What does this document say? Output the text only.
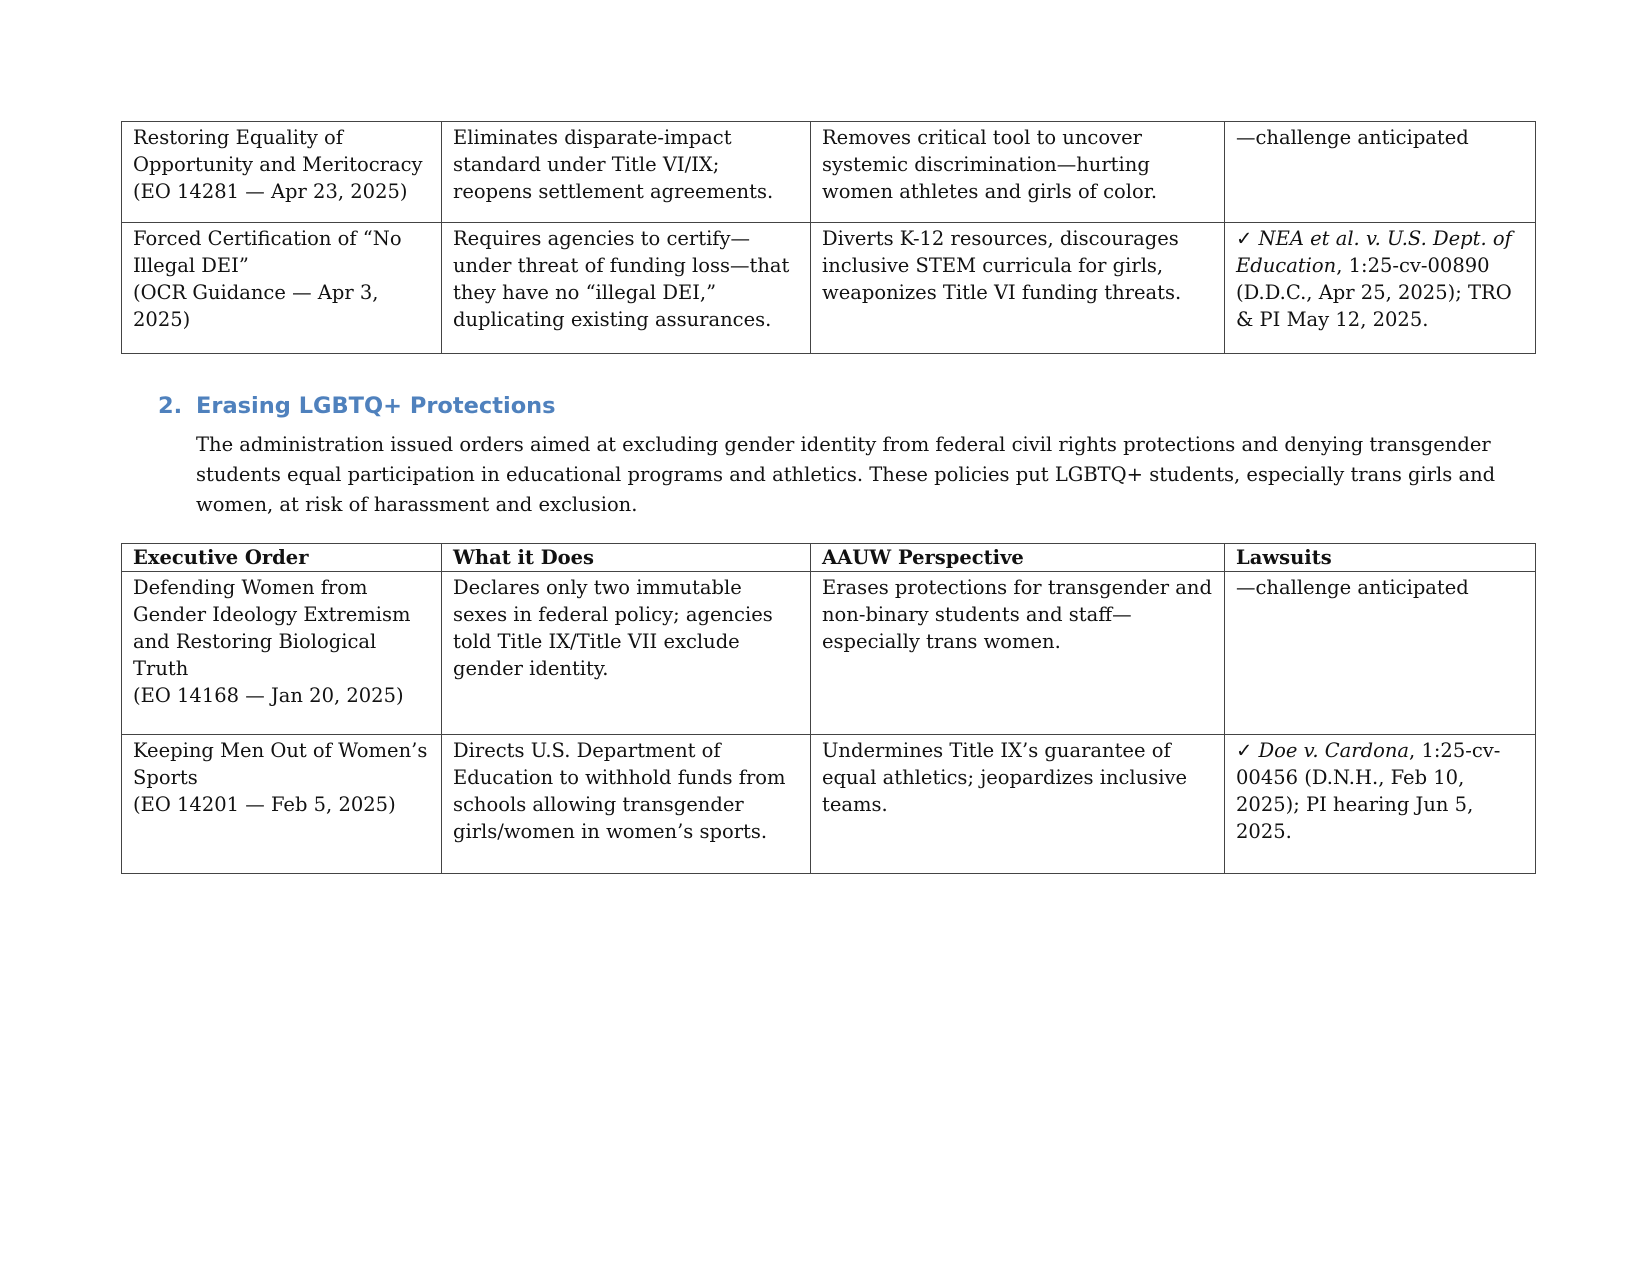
Restoring Equality of Opportunity and Meritocracy
(EO 14281 — Apr 23, 2025)	Eliminates disparate-impact standard under Title VI/IX; reopens settlement agreements.	Removes critical tool to uncover systemic discrimination—hurting women athletes and girls of color.	—challenge anticipated
Forced Certification of “No Illegal DEI”
(OCR Guidance — Apr 3, 2025)	Requires agencies to certify—under threat of funding loss—that they have no “illegal DEI,” duplicating existing assurances.	Diverts K-12 resources, discourages inclusive STEM curricula for girls, weaponizes Title VI funding threats.	✓ NEA et al. v. U.S. Dept. of Education, 1:25-cv-00890 (D.D.C., Apr 25, 2025); TRO & PI May 12, 2025.
2. Erasing LGBTQ+ Protections

The administration issued orders aimed at excluding gender identity from federal civil rights protections and denying transgender students equal participation in educational programs and athletics. These policies put LGBTQ+ students, especially trans girls and women, at risk of harassment and exclusion.

Executive Order	What it Does	AAUW Perspective	Lawsuits
Defending Women from Gender Ideology Extremism and Restoring Biological Truth
(EO 14168 — Jan 20, 2025)	Declares only two immutable sexes in federal policy; agencies told Title IX/Title VII exclude gender identity.	Erases protections for transgender and non-binary students and staff—especially trans women.	—challenge anticipated
Keeping Men Out of Women’s Sports
(EO 14201 — Feb 5, 2025)	Directs U.S. Department of Education to withhold funds from schools allowing transgender girls/women in women’s sports.	Undermines Title IX’s guarantee of equal athletics; jeopardizes inclusive teams.	✓ Doe v. Cardona, 1:25-cv-00456 (D.N.H., Feb 10, 2025); PI hearing Jun 5, 2025.
